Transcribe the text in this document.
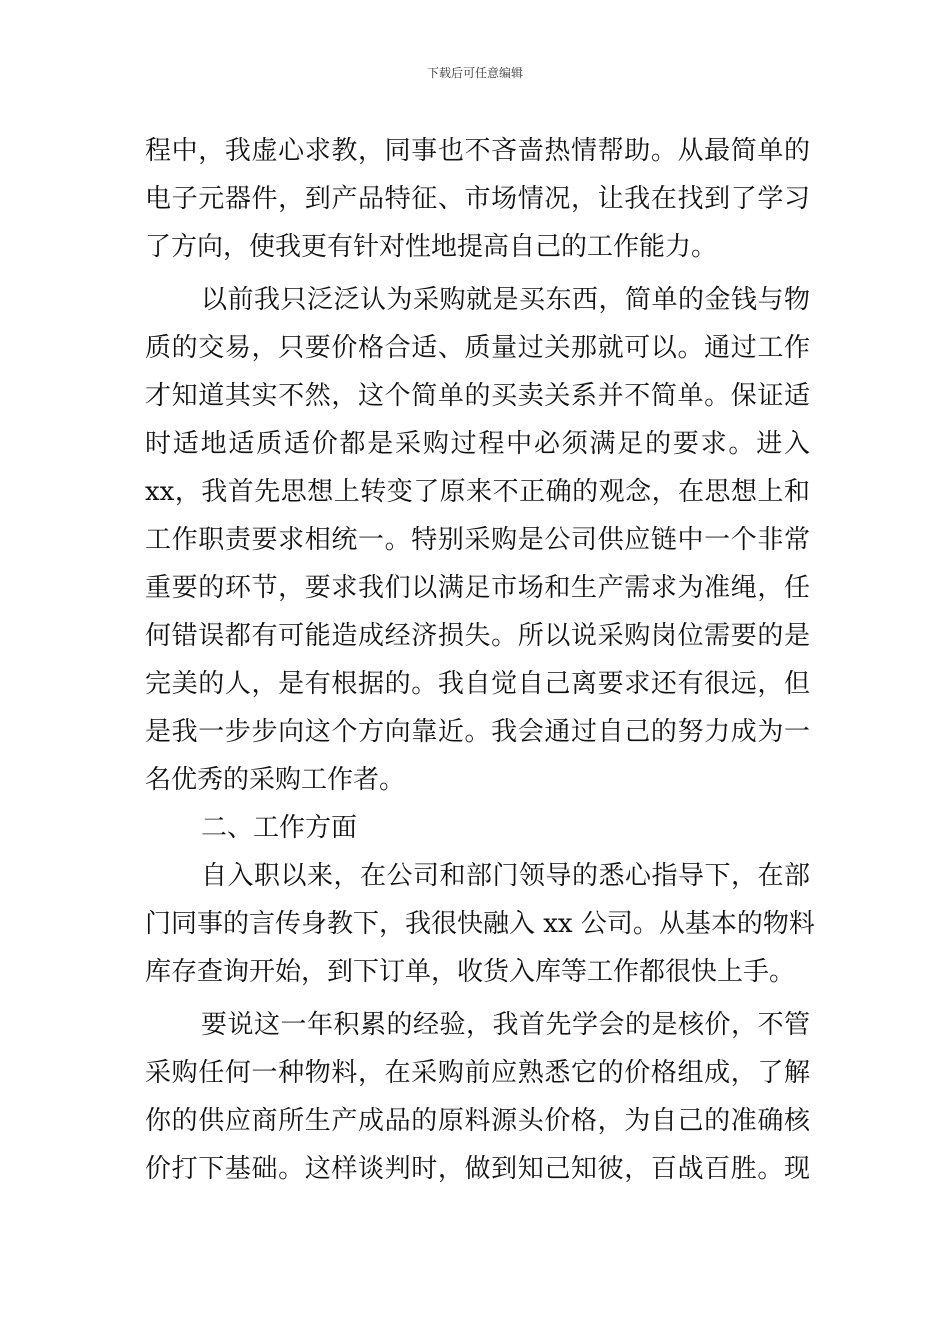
下载后可任意编辑
程中，我虚心求教，同事也不吝啬热情帮助。从最简单的
电子元器件，到产品特征、市场情况，让我在找到了学习
了方向，使我更有针对性地提高自己的工作能力。
以前我只泛泛认为采购就是买东西，简单的金钱与物
质的交易，只要价格合适、质量过关那就可以。通过工作
才知道其实不然，这个简单的买卖关系并不简单。保证适
时适地适质适价都是采购过程中必须满足的要求。进入
xx，我首先思想上转变了原来不正确的观念，在思想上和
工作职责要求相统一。特别采购是公司供应链中一个非常
重要的环节，要求我们以满足市场和生产需求为准绳，任
何错误都有可能造成经济损失。所以说采购岗位需要的是
完美的人，是有根据的。我自觉自己离要求还有很远，但
是我一步步向这个方向靠近。我会通过自己的努力成为一
名优秀的采购工作者。
二、工作方面
自入职以来，在公司和部门领导的悉心指导下，在部
门同事的言传身教下，我很快融入 xx 公司。从基本的物料
库存查询开始，到下订单，收货入库等工作都很快上手。
要说这一年积累的经验，我首先学会的是核价，不管
采购任何一种物料，在采购前应熟悉它的价格组成，了解
你的供应商所生产成品的原料源头价格，为自己的准确核
价打下基础。这样谈判时，做到知己知彼，百战百胜。现
